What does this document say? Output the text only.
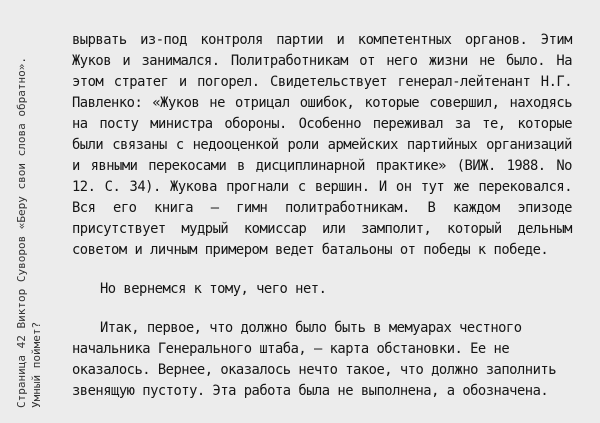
Страница 42 Виктор Суворов «Беру свои слова обратно». Умный поймет?

вырвать из-под контроля партии и компетентных органов. Этим Жуков и занимался. Политработникам от него жизни не было. На этом стратег и погорел. Свидетельствует генерал-лейтенант Н.Г. Павленко: «Жуков не отрицал ошибок, которые совершил, находясь на посту министра обороны. Особенно переживал за те, которые были связаны с недооценкой роли армейских партийных организаций и явными перекосами в дисциплинарной практике» (ВИЖ. 1988. No 12. С. 34). Жукова прогнали с вершин. И он тут же перековался. Вся его книга – гимн политработникам. В каждом эпизоде присутствует мудрый комиссар или замполит, который дельным советом и личным примером ведет батальоны от победы к победе.

Но вернемся к тому, чего нет.

Итак, первое, что должно было быть в мемуарах честного начальника Генерального штаба, – карта обстановки. Ее не оказалось. Вернее, оказалось нечто такое, что должно заполнить звенящую пустоту. Эта работа была не выполнена, а обозначена.
